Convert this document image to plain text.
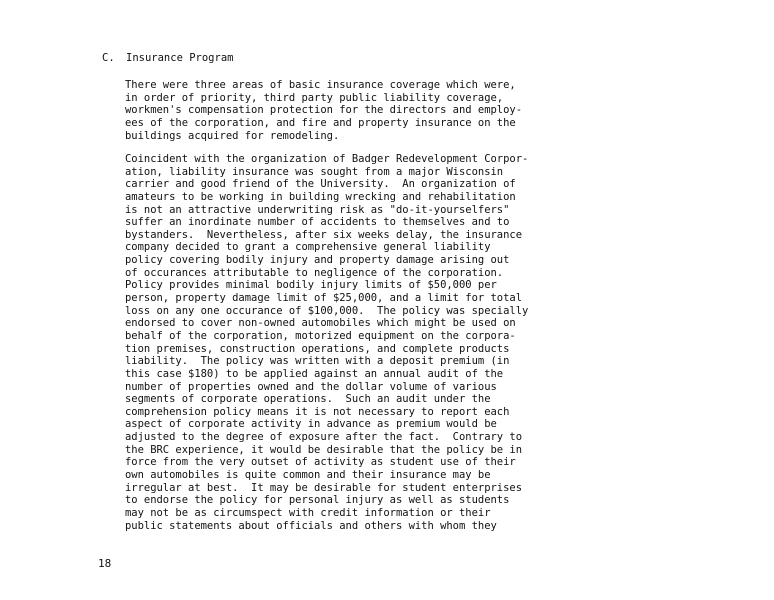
C. Insurance Program
There were three areas of basic insurance coverage which were,
in order of priority, third party public liability coverage,
workmen's compensation protection for the directors and employ-
ees of the corporation, and fire and property insurance on the
buildings acquired for remodeling.
Coincident with the organization of Badger Redevelopment Corpor-
ation, liability insurance was sought from a major Wisconsin
carrier and good friend of the University.  An organization of
amateurs to be working in building wrecking and rehabilitation
is not an attractive underwriting risk as "do-it-yourselfers"
suffer an inordinate number of accidents to themselves and to
bystanders.  Nevertheless, after six weeks delay, the insurance
company decided to grant a comprehensive general liability
policy covering bodily injury and property damage arising out
of occurances attributable to negligence of the corporation.
Policy provides minimal bodily injury limits of $50,000 per
person, property damage limit of $25,000, and a limit for total
loss on any one occurance of $100,000.  The policy was specially
endorsed to cover non-owned automobiles which might be used on
behalf of the corporation, motorized equipment on the corpora-
tion premises, construction operations, and complete products
liability.  The policy was written with a deposit premium (in
this case $180) to be applied against an annual audit of the
number of properties owned and the dollar volume of various
segments of corporate operations.  Such an audit under the
comprehension policy means it is not necessary to report each
aspect of corporate activity in advance as premium would be
adjusted to the degree of exposure after the fact.  Contrary to
the BRC experience, it would be desirable that the policy be in
force from the very outset of activity as student use of their
own automobiles is quite common and their insurance may be
irregular at best.  It may be desirable for student enterprises
to endorse the policy for personal injury as well as students
may not be as circumspect with credit information or their
public statements about officials and others with whom they
18
